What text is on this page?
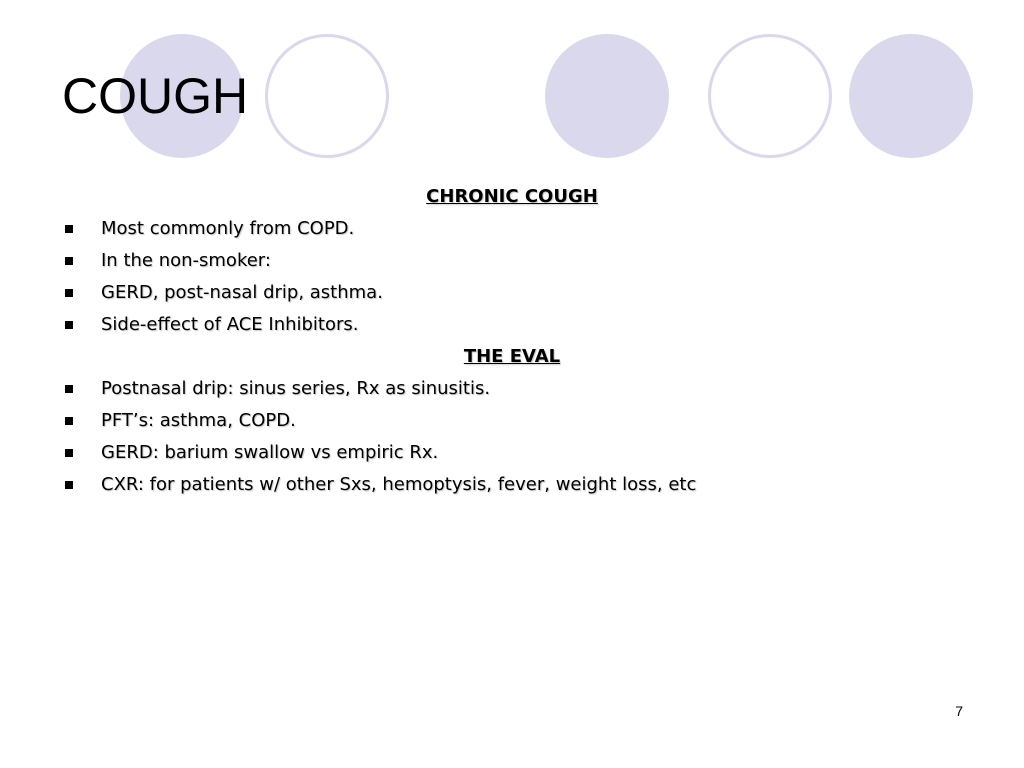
COUGH
CHRONIC COUGH
Most commonly from COPD.
In the non-smoker:
GERD, post-nasal drip, asthma.
Side-effect of ACE Inhibitors.
THE EVAL
Postnasal drip: sinus series, Rx as sinusitis.
PFT’s: asthma, COPD.
GERD: barium swallow vs empiric Rx.
CXR: for patients w/ other Sxs, hemoptysis, fever, weight loss, etc
7
